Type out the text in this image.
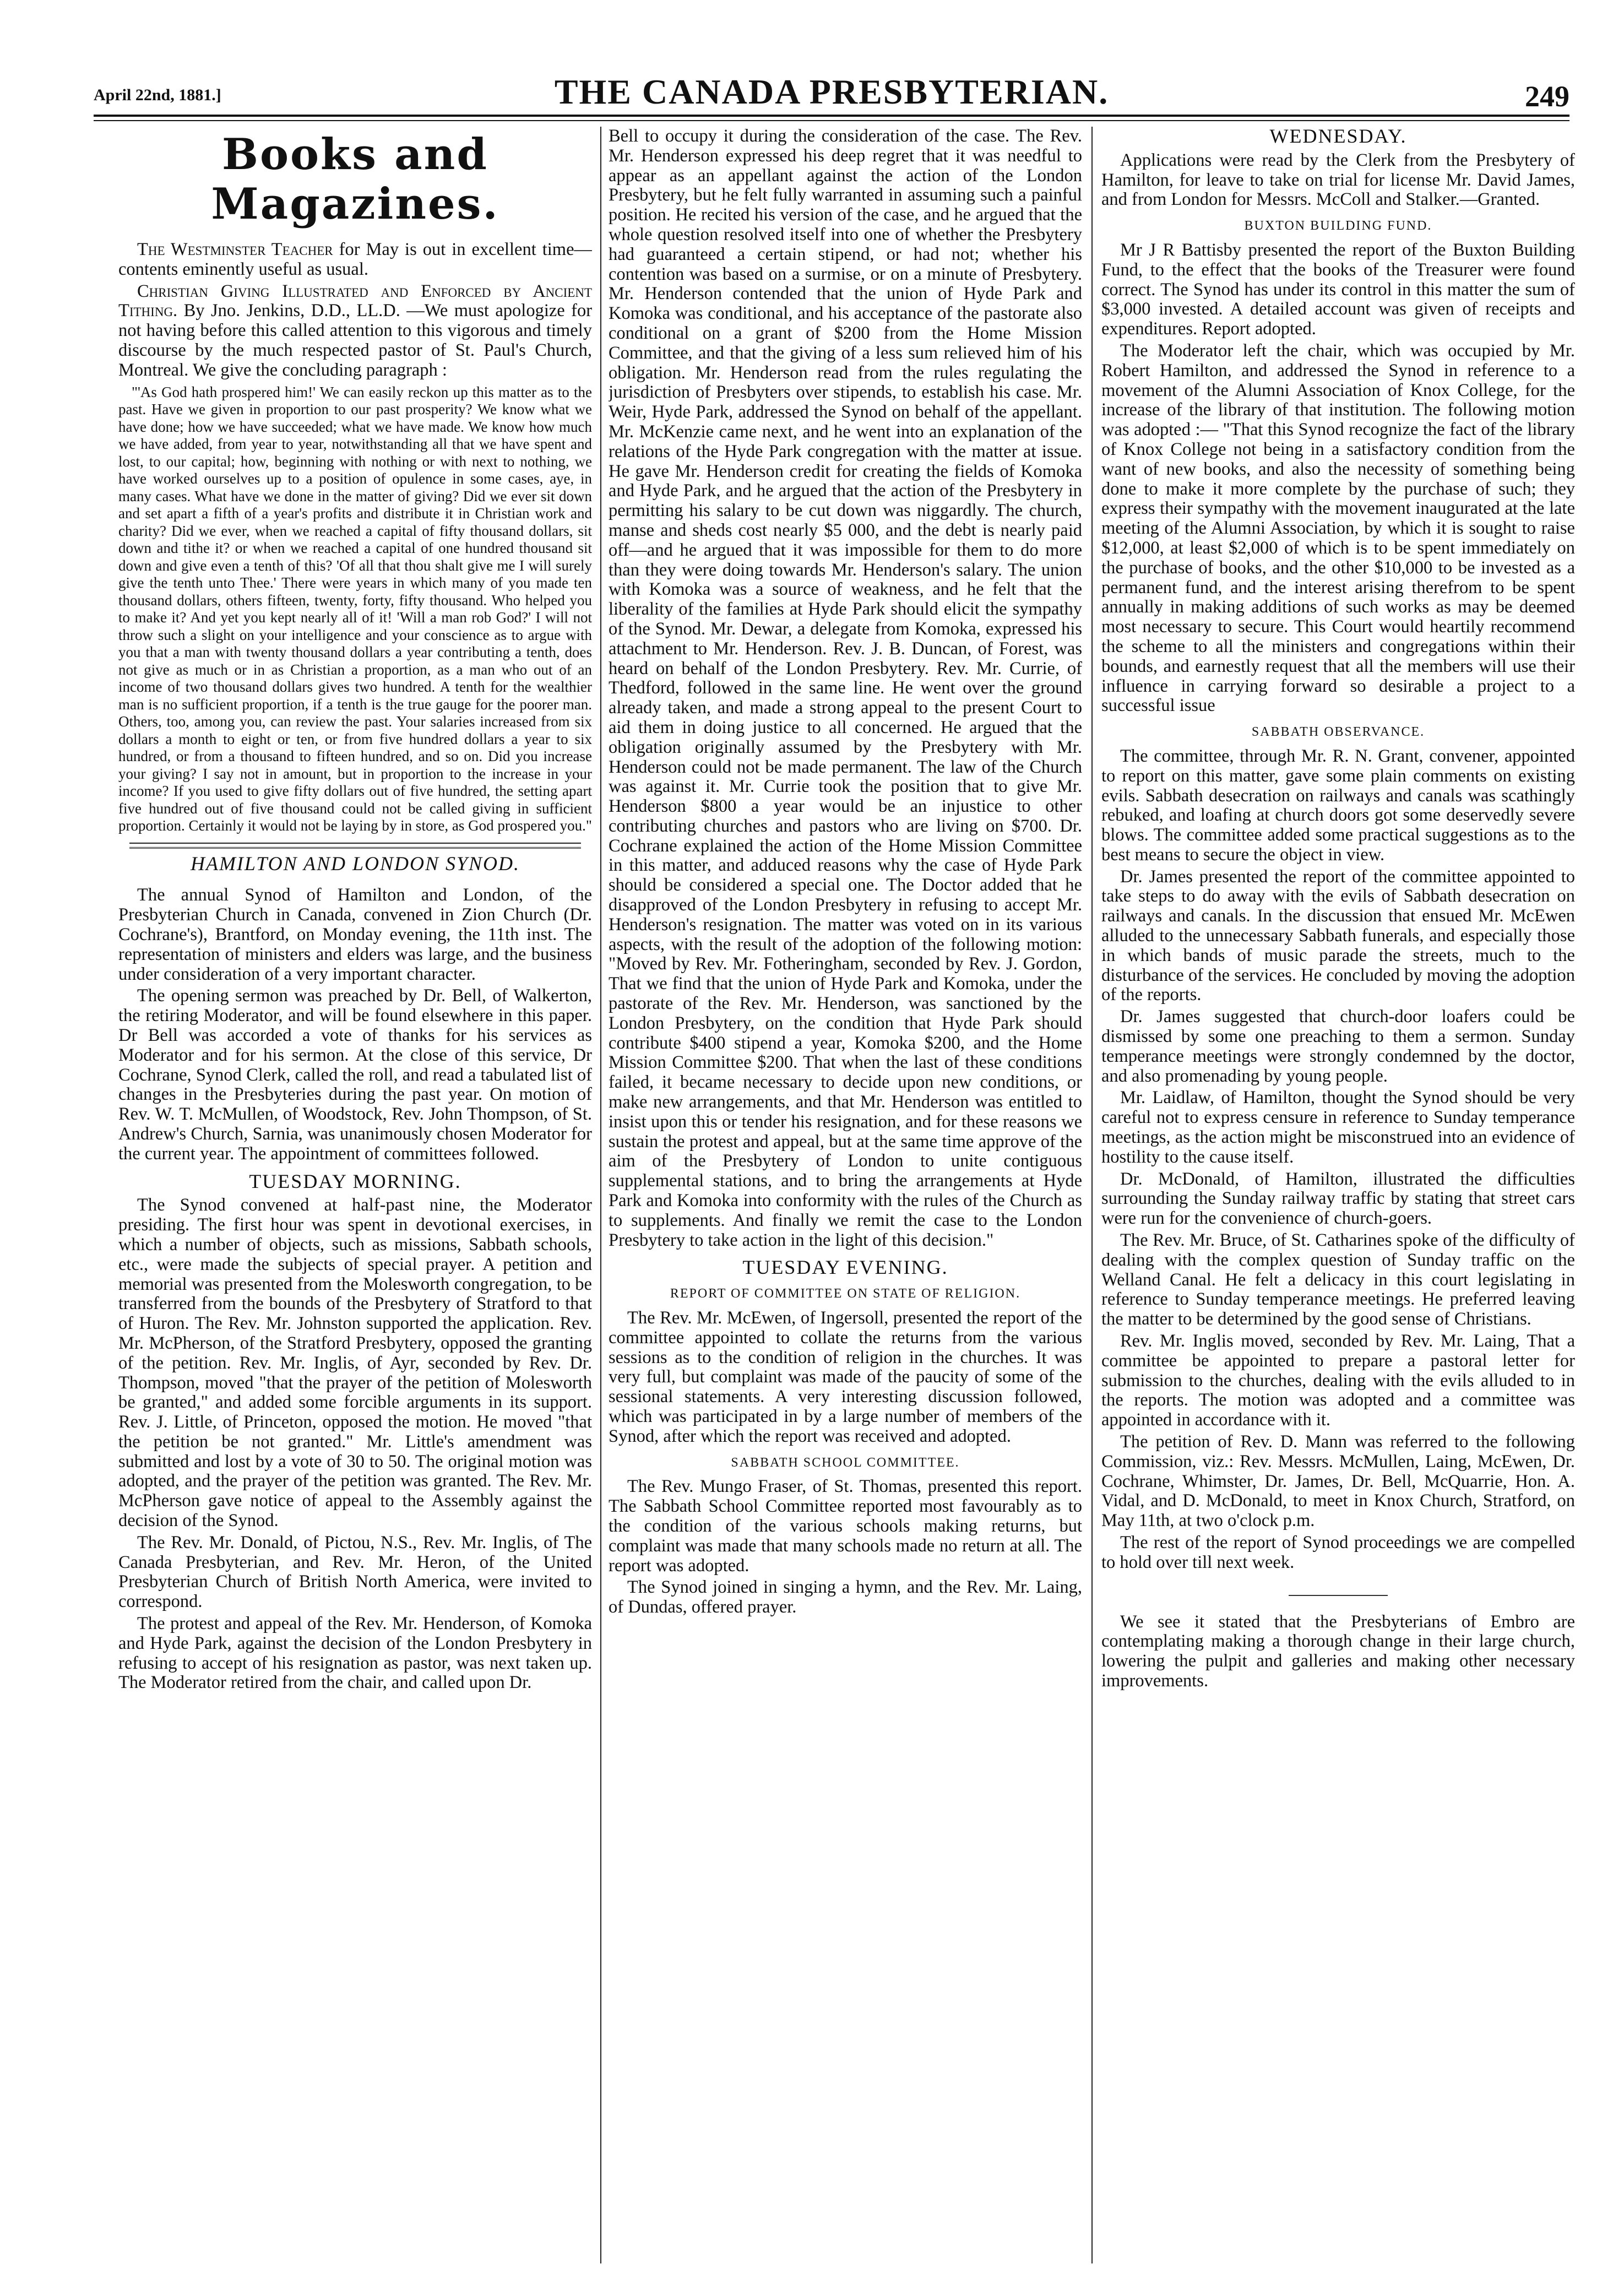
April 22nd, 1881.]	THE CANADA PRESBYTERIAN.	249
Books and Magazines.

The Westminster Teacher for May is out in excellent time—contents eminently useful as usual.

Christian Giving Illustrated and Enforced by Ancient Tithing. By Jno. Jenkins, D.D., LL.D. —We must apologize for not having before this called attention to this vigorous and timely discourse by the much respected pastor of St. Paul's Church, Montreal. We give the concluding paragraph :

"'As God hath prospered him!' We can easily reckon up this matter as to the past. Have we given in proportion to our past prosperity? We know what we have done; how we have succeeded; what we have made. We know how much we have added, from year to year, notwithstanding all that we have spent and lost, to our capital; how, beginning with nothing or with next to nothing, we have worked ourselves up to a position of opulence in some cases, aye, in many cases. What have we done in the matter of giving? Did we ever sit down and set apart a fifth of a year's profits and distribute it in Christian work and charity? Did we ever, when we reached a capital of fifty thousand dollars, sit down and tithe it? or when we reached a capital of one hundred thousand sit down and give even a tenth of this? 'Of all that thou shalt give me I will surely give the tenth unto Thee.' There were years in which many of you made ten thousand dollars, others fifteen, twenty, forty, fifty thousand. Who helped you to make it? And yet you kept nearly all of it! 'Will a man rob God?' I will not throw such a slight on your intelligence and your conscience as to argue with you that a man with twenty thousand dollars a year contributing a tenth, does not give as much or in as Christian a proportion, as a man who out of an income of two thousand dollars gives two hundred. A tenth for the wealthier man is no sufficient proportion, if a tenth is the true gauge for the poorer man. Others, too, among you, can review the past. Your salaries increased from six dollars a month to eight or ten, or from five hundred dollars a year to six hundred, or from a thousand to fifteen hundred, and so on. Did you increase your giving? I say not in amount, but in proportion to the increase in your income? If you used to give fifty dollars out of five hundred, the setting apart five hundred out of five thousand could not be called giving in sufficient proportion. Certainly it would not be laying by in store, as God prospered you."

HAMILTON AND LONDON SYNOD.

The annual Synod of Hamilton and London, of the Presbyterian Church in Canada, convened in Zion Church (Dr. Cochrane's), Brantford, on Monday evening, the 11th inst. The representation of ministers and elders was large, and the business under consideration of a very important character.

The opening sermon was preached by Dr. Bell, of Walkerton, the retiring Moderator, and will be found elsewhere in this paper. Dr Bell was accorded a vote of thanks for his services as Moderator and for his sermon. At the close of this service, Dr Cochrane, Synod Clerk, called the roll, and read a tabulated list of changes in the Presbyteries during the past year. On motion of Rev. W. T. McMullen, of Woodstock, Rev. John Thompson, of St. Andrew's Church, Sarnia, was unanimously chosen Moderator for the current year. The appointment of committees followed.

TUESDAY MORNING.

The Synod convened at half-past nine, the Moderator presiding. The first hour was spent in devotional exercises, in which a number of objects, such as missions, Sabbath schools, etc., were made the subjects of special prayer. A petition and memorial was presented from the Molesworth congregation, to be transferred from the bounds of the Presbytery of Stratford to that of Huron. The Rev. Mr. Johnston supported the application. Rev. Mr. McPherson, of the Stratford Presbytery, opposed the granting of the petition. Rev. Mr. Inglis, of Ayr, seconded by Rev. Dr. Thompson, moved "that the prayer of the petition of Molesworth be granted," and added some forcible arguments in its support. Rev. J. Little, of Princeton, opposed the motion. He moved "that the petition be not granted." Mr. Little's amendment was submitted and lost by a vote of 30 to 50. The original motion was adopted, and the prayer of the petition was granted. The Rev. Mr. McPherson gave notice of appeal to the Assembly against the decision of the Synod.

The Rev. Mr. Donald, of Pictou, N.S., Rev. Mr. Inglis, of The Canada Presbyterian, and Rev. Mr. Heron, of the United Presbyterian Church of British North America, were invited to correspond.

The protest and appeal of the Rev. Mr. Henderson, of Komoka and Hyde Park, against the decision of the London Presbytery in refusing to accept of his resignation as pastor, was next taken up. The Moderator retired from the chair, and called upon Dr.

Bell to occupy it during the consideration of the case. The Rev. Mr. Henderson expressed his deep regret that it was needful to appear as an appellant against the action of the London Presbytery, but he felt fully warranted in assuming such a painful position. He recited his version of the case, and he argued that the whole question resolved itself into one of whether the Presbytery had guaranteed a certain stipend, or had not; whether his contention was based on a surmise, or on a minute of Presbytery. Mr. Henderson contended that the union of Hyde Park and Komoka was conditional, and his acceptance of the pastorate also conditional on a grant of $200 from the Home Mission Committee, and that the giving of a less sum relieved him of his obligation. Mr. Henderson read from the rules regulating the jurisdiction of Presbyters over stipends, to establish his case. Mr. Weir, Hyde Park, addressed the Synod on behalf of the appellant. Mr. McKenzie came next, and he went into an explanation of the relations of the Hyde Park congregation with the matter at issue. He gave Mr. Henderson credit for creating the fields of Komoka and Hyde Park, and he argued that the action of the Presbytery in permitting his salary to be cut down was niggardly. The church, manse and sheds cost nearly $5 000, and the debt is nearly paid off—and he argued that it was impossible for them to do more than they were doing towards Mr. Henderson's salary. The union with Komoka was a source of weakness, and he felt that the liberality of the families at Hyde Park should elicit the sympathy of the Synod. Mr. Dewar, a delegate from Komoka, expressed his attachment to Mr. Henderson. Rev. J. B. Duncan, of Forest, was heard on behalf of the London Presbytery. Rev. Mr. Currie, of Thedford, followed in the same line. He went over the ground already taken, and made a strong appeal to the present Court to aid them in doing justice to all concerned. He argued that the obligation originally assumed by the Presbytery with Mr. Henderson could not be made permanent. The law of the Church was against it. Mr. Currie took the position that to give Mr. Henderson $800 a year would be an injustice to other contributing churches and pastors who are living on $700. Dr. Cochrane explained the action of the Home Mission Committee in this matter, and adduced reasons why the case of Hyde Park should be considered a special one. The Doctor added that he disapproved of the London Presbytery in refusing to accept Mr. Henderson's resignation. The matter was voted on in its various aspects, with the result of the adoption of the following motion: "Moved by Rev. Mr. Fotheringham, seconded by Rev. J. Gordon, That we find that the union of Hyde Park and Komoka, under the pastorate of the Rev. Mr. Henderson, was sanctioned by the London Presbytery, on the condition that Hyde Park should contribute $400 stipend a year, Komoka $200, and the Home Mission Committee $200. That when the last of these conditions failed, it became necessary to decide upon new conditions, or make new arrangements, and that Mr. Henderson was entitled to insist upon this or tender his resignation, and for these reasons we sustain the protest and appeal, but at the same time approve of the aim of the Presbytery of London to unite contiguous supplemental stations, and to bring the arrangements at Hyde Park and Komoka into conformity with the rules of the Church as to supplements. And finally we remit the case to the London Presbytery to take action in the light of this decision."

TUESDAY EVENING.
REPORT OF COMMITTEE ON STATE OF RELIGION.

The Rev. Mr. McEwen, of Ingersoll, presented the report of the committee appointed to collate the returns from the various sessions as to the condition of religion in the churches. It was very full, but complaint was made of the paucity of some of the sessional statements. A very interesting discussion followed, which was participated in by a large number of members of the Synod, after which the report was received and adopted.

SABBATH SCHOOL COMMITTEE.

The Rev. Mungo Fraser, of St. Thomas, presented this report. The Sabbath School Committee reported most favourably as to the condition of the various schools making returns, but complaint was made that many schools made no return at all. The report was adopted.

The Synod joined in singing a hymn, and the Rev. Mr. Laing, of Dundas, offered prayer.

WEDNESDAY.

Applications were read by the Clerk from the Presbytery of Hamilton, for leave to take on trial for license Mr. David James, and from London for Messrs. McColl and Stalker.—Granted.

BUXTON BUILDING FUND.

Mr J R Battisby presented the report of the Buxton Building Fund, to the effect that the books of the Treasurer were found correct. The Synod has under its control in this matter the sum of $3,000 invested. A detailed account was given of receipts and expenditures. Report adopted.

The Moderator left the chair, which was occupied by Mr. Robert Hamilton, and addressed the Synod in reference to a movement of the Alumni Association of Knox College, for the increase of the library of that institution. The following motion was adopted :— "That this Synod recognize the fact of the library of Knox College not being in a satisfactory condition from the want of new books, and also the necessity of something being done to make it more complete by the purchase of such; they express their sympathy with the movement inaugurated at the late meeting of the Alumni Association, by which it is sought to raise $12,000, at least $2,000 of which is to be spent immediately on the purchase of books, and the other $10,000 to be invested as a permanent fund, and the interest arising therefrom to be spent annually in making additions of such works as may be deemed most necessary to secure. This Court would heartily recommend the scheme to all the ministers and congregations within their bounds, and earnestly request that all the members will use their influence in carrying forward so desirable a project to a successful issue

SABBATH OBSERVANCE.

The committee, through Mr. R. N. Grant, convener, appointed to report on this matter, gave some plain comments on existing evils. Sabbath desecration on railways and canals was scathingly rebuked, and loafing at church doors got some deservedly severe blows. The committee added some practical suggestions as to the best means to secure the object in view.

Dr. James presented the report of the committee appointed to take steps to do away with the evils of Sabbath desecration on railways and canals. In the discussion that ensued Mr. McEwen alluded to the unnecessary Sabbath funerals, and especially those in which bands of music parade the streets, much to the disturbance of the services. He concluded by moving the adoption of the reports.

Dr. James suggested that church-door loafers could be dismissed by some one preaching to them a sermon. Sunday temperance meetings were strongly condemned by the doctor, and also promenading by young people.

Mr. Laidlaw, of Hamilton, thought the Synod should be very careful not to express censure in reference to Sunday temperance meetings, as the action might be misconstrued into an evidence of hostility to the cause itself.

Dr. McDonald, of Hamilton, illustrated the difficulties surrounding the Sunday railway traffic by stating that street cars were run for the convenience of church-goers.

The Rev. Mr. Bruce, of St. Catharines spoke of the difficulty of dealing with the complex question of Sunday traffic on the Welland Canal. He felt a delicacy in this court legislating in reference to Sunday temperance meetings. He preferred leaving the matter to be determined by the good sense of Christians.

Rev. Mr. Inglis moved, seconded by Rev. Mr. Laing, That a committee be appointed to prepare a pastoral letter for submission to the churches, dealing with the evils alluded to in the reports. The motion was adopted and a committee was appointed in accordance with it.

The petition of Rev. D. Mann was referred to the following Commission, viz.: Rev. Messrs. McMullen, Laing, McEwen, Dr. Cochrane, Whimster, Dr. James, Dr. Bell, McQuarrie, Hon. A. Vidal, and D. McDonald, to meet in Knox Church, Stratford, on May 11th, at two o'clock p.m.

The rest of the report of Synod proceedings we are compelled to hold over till next week.

We see it stated that the Presbyterians of Embro are contemplating making a thorough change in their large church, lowering the pulpit and galleries and making other necessary improvements.
